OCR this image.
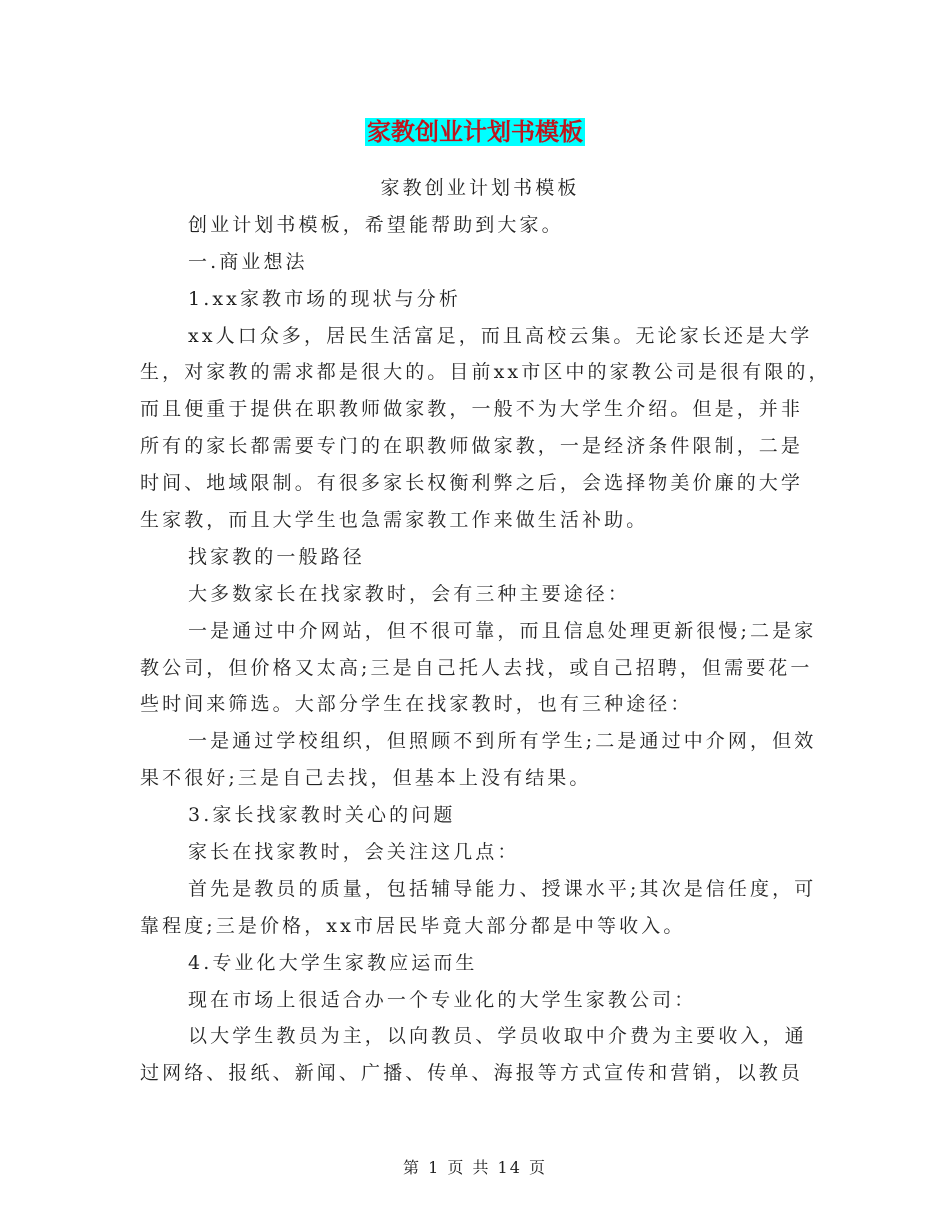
家教创业计划书模板
家教创业计划书模板
创业计划书模板，希望能帮助到大家。
一.商业想法
1.xx家教市场的现状与分析
xx人口众多，居民生活富足，而且高校云集。无论家长还是大学
生，对家教的需求都是很大的。目前xx市区中的家教公司是很有限的，
而且便重于提供在职教师做家教，一般不为大学生介绍。但是，并非
所有的家长都需要专门的在职教师做家教，一是经济条件限制，二是
时间、地域限制。有很多家长权衡利弊之后，会选择物美价廉的大学
生家教，而且大学生也急需家教工作来做生活补助。
找家教的一般路径
大多数家长在找家教时，会有三种主要途径：
一是通过中介网站，但不很可靠，而且信息处理更新很慢;二是家
教公司，但价格又太高;三是自己托人去找，或自己招聘，但需要花一
些时间来筛选。大部分学生在找家教时，也有三种途径：
一是通过学校组织，但照顾不到所有学生;二是通过中介网，但效
果不很好;三是自己去找，但基本上没有结果。
3.家长找家教时关心的问题
家长在找家教时，会关注这几点：
首先是教员的质量，包括辅导能力、授课水平;其次是信任度，可
靠程度;三是价格，xx市居民毕竟大部分都是中等收入。
4.专业化大学生家教应运而生
现在市场上很适合办一个专业化的大学生家教公司：
以大学生教员为主，以向教员、学员收取中介费为主要收入，通
过网络、报纸、新闻、广播、传单、海报等方式宣传和营销，以教员
第 1 页 共 14 页
